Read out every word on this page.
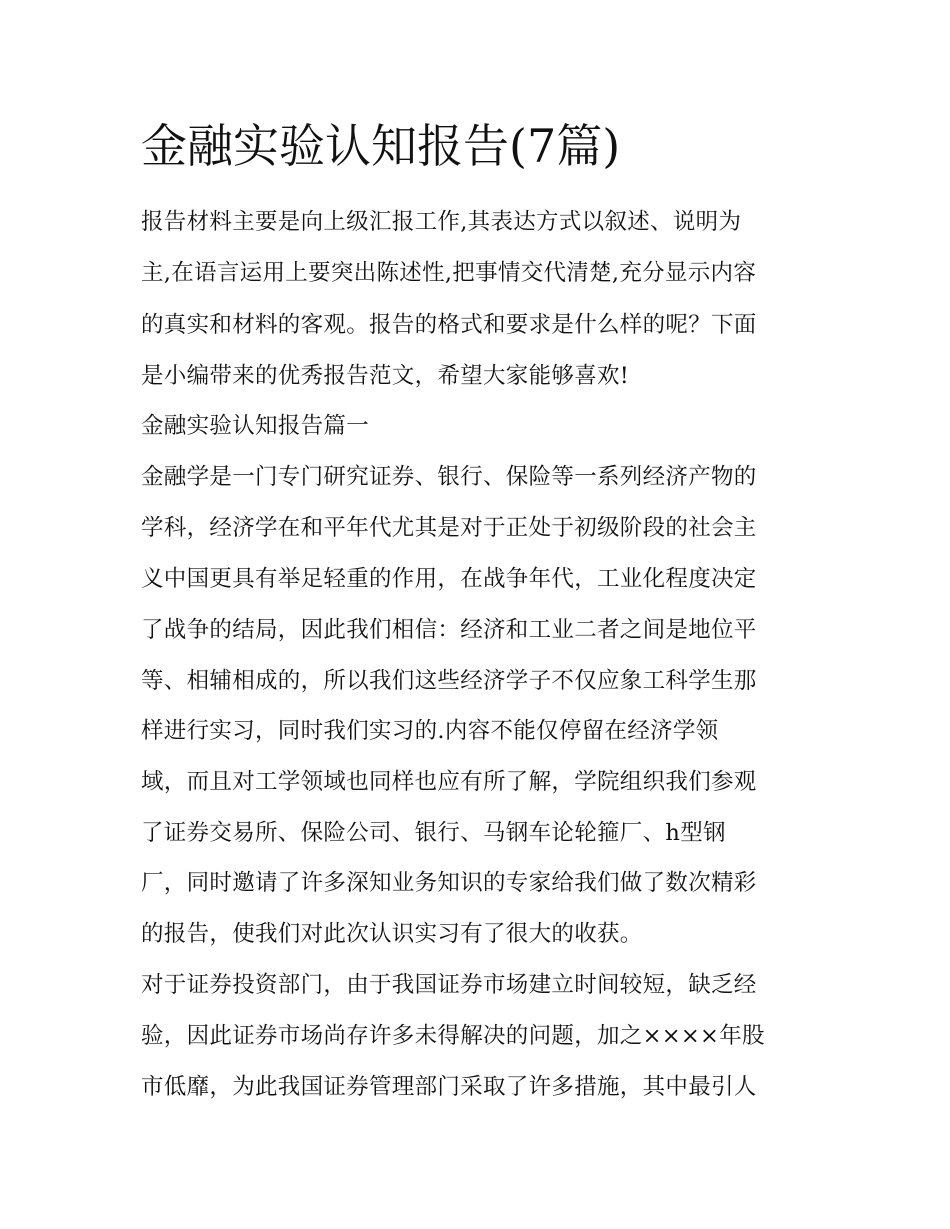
金融实验认知报告(7篇)
报告材料主要是向上级汇报工作,其表达方式以叙述、说明为
主,在语言运用上要突出陈述性,把事情交代清楚,充分显示内容
的真实和材料的客观。报告的格式和要求是什么样的呢？下面
是小编带来的优秀报告范文，希望大家能够喜欢!
金融实验认知报告篇一
金融学是一门专门研究证券、银行、保险等一系列经济产物的
学科，经济学在和平年代尤其是对于正处于初级阶段的社会主
义中国更具有举足轻重的作用，在战争年代，工业化程度决定
了战争的结局，因此我们相信：经济和工业二者之间是地位平
等、相辅相成的，所以我们这些经济学子不仅应象工科学生那
样进行实习，同时我们实习的.内容不能仅停留在经济学领
域，而且对工学领域也同样也应有所了解，学院组织我们参观
了证券交易所、保险公司、银行、马钢车论轮箍厂、h型钢
厂，同时邀请了许多深知业务知识的专家给我们做了数次精彩
的报告，使我们对此次认识实习有了很大的收获。
对于证券投资部门，由于我国证券市场建立时间较短，缺乏经
验，因此证券市场尚存许多未得解决的问题，加之××××年股
市低靡，为此我国证券管理部门采取了许多措施，其中最引人
